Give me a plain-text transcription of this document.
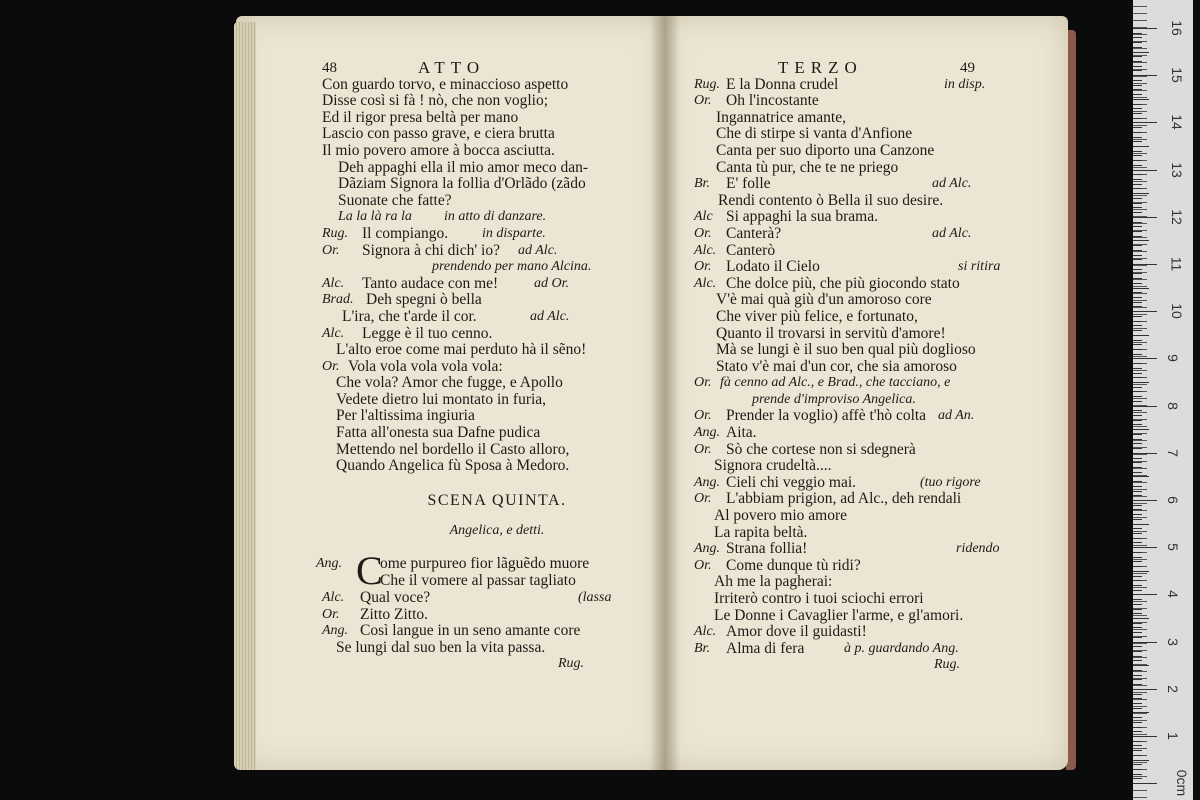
48	ATTO
Con guardo torvo, e minaccioso aspetto
Disse così si fà ! nò, che non voglio;
Ed il rigor presa beltà per mano
Lascio con passo grave, e ciera brutta
Il mio povero amore à bocca asciutta.
Deh appaghi ella il mio amor meco dan-
Dãziam Signora la follia d'Orlãdo (zãdo
Suonate che fatte?
La la là ra la in atto di danzare.
Rug. Il compiango. in disparte.
Or. Signora à chi dich' io? ad Alc.
prendendo per mano Alcina.
Alc. Tanto audace con me!	ad Or.
Brad. Deh spegni ò bella
L'ira, che t'arde il cor.	ad Alc.
Alc. Legge è il tuo cenno.
L'alto eroe come mai perduto hà il sẽno!
Or. Vola vola vola vola vola:
Che vola? Amor che fugge, e Apollo
Vedete dietro lui montato in furia,
Per l'altissima ingiuria
Fatta all'onesta sua Dafne pudica
Mettendo nel bordello il Casto alloro,
Quando Angelica fù Sposa à Medoro.
SCENA QUINTA.
Angelica, e detti.
Ang. C
ome purpureo fior lãguẽdo muore
Che il vomere al passar tagliato
Alc. Qual voce?	(lassa
Or. Zitto Zitto.
Ang. Così langue in un seno amante core
Se lungi dal suo ben la vita passa.
Rug.
TERZO	49
Rug. E la Donna crudel	in disp.
Or. Oh l'incostante
Ingannatrice amante,
Che di stirpe si vanta d'Anfione
Canta per suo diporto una Canzone
Canta tù pur, che te ne priego
Br. E' folle	ad Alc.
Rendi contento ò Bella il suo desire.
Alc Si appaghi la sua brama.
Or. Canterà?	ad Alc.
Alc. Canterò
Or. Lodato il Cielo	si ritira
Alc. Che dolce più, che più giocondo stato
V'è mai quà giù d'un amoroso core
Che viver più felice, e fortunato,
Quanto il trovarsi in servitù d'amore!
Mà se lungi è il suo ben qual più doglioso
Stato v'è mai d'un cor, che sia amoroso
Or. fà cenno ad Alc., e Brad., che tacciano, e
prende d'improviso Angelica.
Or. Prender la voglio) affè t'hò colta ad An.
Ang. Aita.
Or. Sò che cortese non si sdegnerà
Signora crudeltà....
Ang. Cieli chi veggio mai.	(tuo rigore
Or. L'abbiam prigion, ad Alc., deh rendali
Al povero mio amore
La rapita beltà.
Ang. Strana follia!	ridendo
Or. Come dunque tù ridi?
Ah me la pagherai:
Irriterò contro i tuoi sciochi errori
Le Donne i Cavaglier l'arme, e gl'amori.
Alc. Amor dove il guidasti!
Br. Alma di fera	à p. guardando Ang.
Rug.
16
15
14
13
12
11
10
9
8
7
6
5
4
3
2
1
0cm
